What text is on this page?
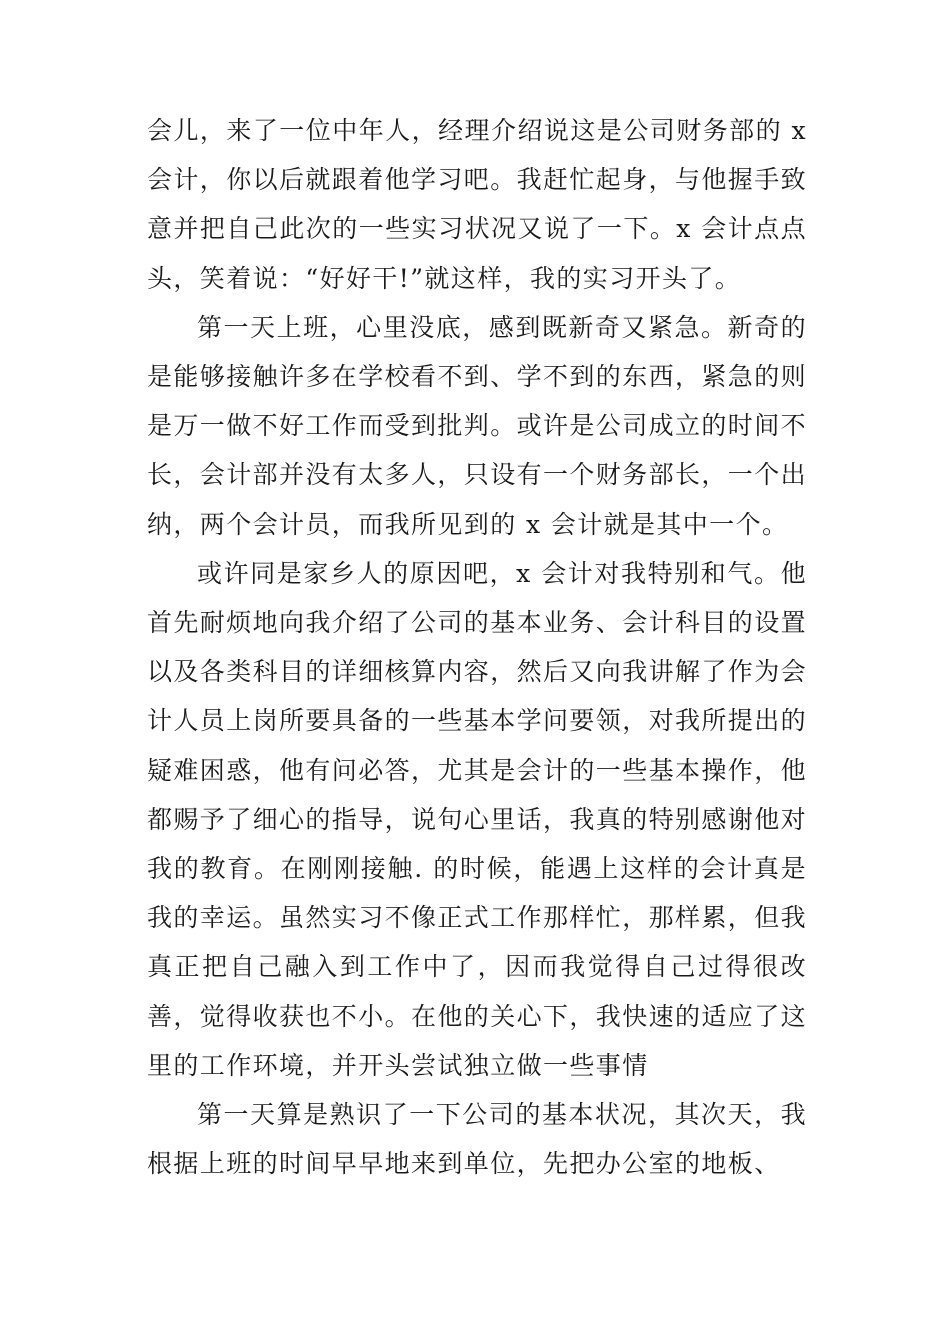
会儿，来了一位中年人，经理介绍说这是公司财务部的 x 会计，你以后就跟着他学习吧。我赶忙起身，与他握手致意并把自己此次的一些实习状况又说了一下。x 会计点点头，笑着说：“好好干!”就这样，我的实习开头了。

第一天上班，心里没底，感到既新奇又紧急。新奇的是能够接触许多在学校看不到、学不到的东西，紧急的则是万一做不好工作而受到批判。或许是公司成立的时间不长，会计部并没有太多人，只设有一个财务部长，一个出纳，两个会计员，而我所见到的 x 会计就是其中一个。

或许同是家乡人的原因吧，x 会计对我特别和气。他首先耐烦地向我介绍了公司的基本业务、会计科目的设置以及各类科目的详细核算内容，然后又向我讲解了作为会计人员上岗所要具备的一些基本学问要领，对我所提出的疑难困惑，他有问必答，尤其是会计的一些基本操作，他都赐予了细心的指导，说句心里话，我真的特别感谢他对我的教育。在刚刚接触. 的时候，能遇上这样的会计真是我的幸运。虽然实习不像正式工作那样忙，那样累，但我真正把自己融入到工作中了，因而我觉得自己过得很改善，觉得收获也不小。在他的关心下，我快速的适应了这里的工作环境，并开头尝试独立做一些事情

第一天算是熟识了一下公司的基本状况，其次天，我根据上班的时间早早地来到单位，先把办公室的地板、
